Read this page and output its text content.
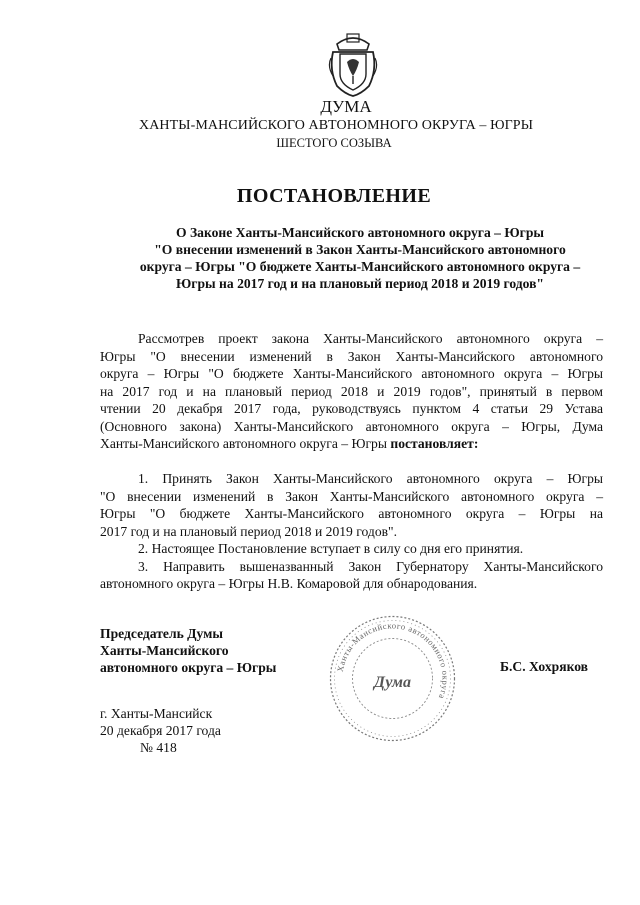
ДУМА
ХАНТЫ-МАНСИЙСКОГО АВТОНОМНОГО ОКРУГА – ЮГРЫ
ШЕСТОГО СОЗЫВА
ПОСТАНОВЛЕНИЕ
О Законе Ханты-Мансийского автономного округа – Югры
"О внесении изменений в Закон Ханты-Мансийского автономного
округа – Югры "О бюджете Ханты-Мансийского автономного округа –
Югры на 2017 год и на плановый период 2018 и 2019 годов"
Рассмотрев проект закона Ханты-Мансийского автономного округа –
Югры "О внесении изменений в Закон Ханты-Мансийского автономного
округа – Югры "О бюджете Ханты-Мансийского автономного округа – Югры
на 2017 год и на плановый период 2018 и 2019 годов", принятый в первом
чтении 20 декабря 2017 года, руководствуясь пунктом 4 статьи 29 Устава
(Основного закона) Ханты-Мансийского автономного округа – Югры, Дума
Ханты-Мансийского автономного округа – Югры постановляет:
1. Принять Закон Ханты-Мансийского автономного округа – Югры
"О внесении изменений в Закон Ханты-Мансийского автономного округа –
Югры "О бюджете Ханты-Мансийского автономного округа – Югры на
2017 год и на плановый период 2018 и 2019 годов".
2. Настоящее Постановление вступает в силу со дня его принятия.
3. Направить вышеназванный Закон Губернатору Ханты-Мансийского
автономного округа – Югры Н.В. Комаровой для обнародования.
Председатель Думы
Ханты-Мансийского
автономного округа – Югры	Ханты-Мансийского автономного округа
Дума
Б.С. Хохряков
г. Ханты-Мансийск
20 декабря 2017 года
№ 418
